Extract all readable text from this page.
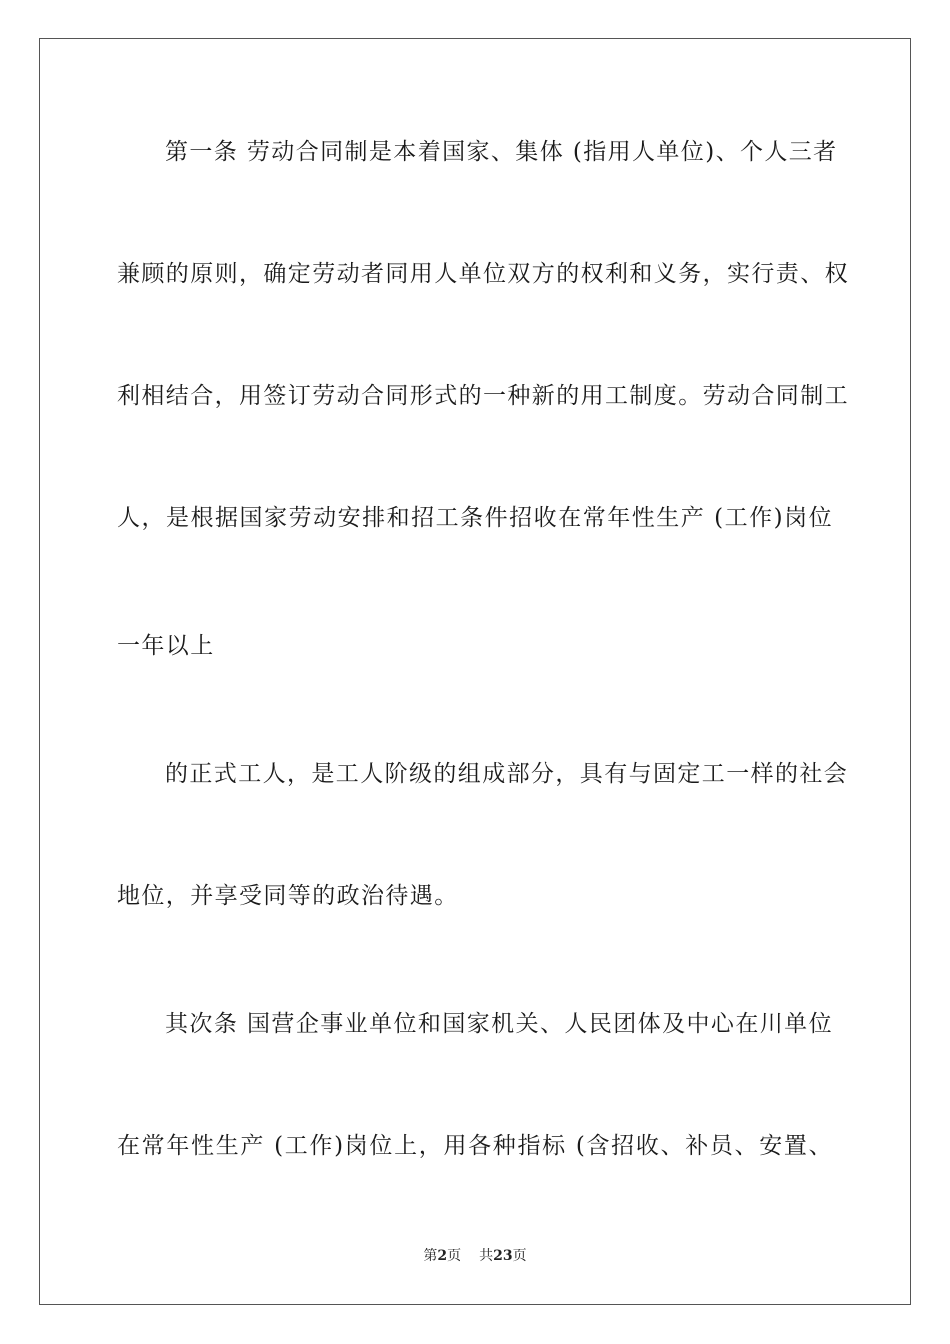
第一条 劳动合同制是本着国家、集体 (指用人单位)、个人三者
兼顾的原则，确定劳动者同用人单位双方的权利和义务，实行责、权
利相结合，用签订劳动合同形式的一种新的用工制度。劳动合同制工
人，是根据国家劳动安排和招工条件招收在常年性生产 (工作)岗位
一年以上
的正式工人，是工人阶级的组成部分，具有与固定工一样的社会
地位，并享受同等的政治待遇。
其次条 国营企事业单位和国家机关、人民团体及中心在川单位
在常年性生产 (工作)岗位上，用各种指标 (含招收、补员、安置、
第2页 共23页
